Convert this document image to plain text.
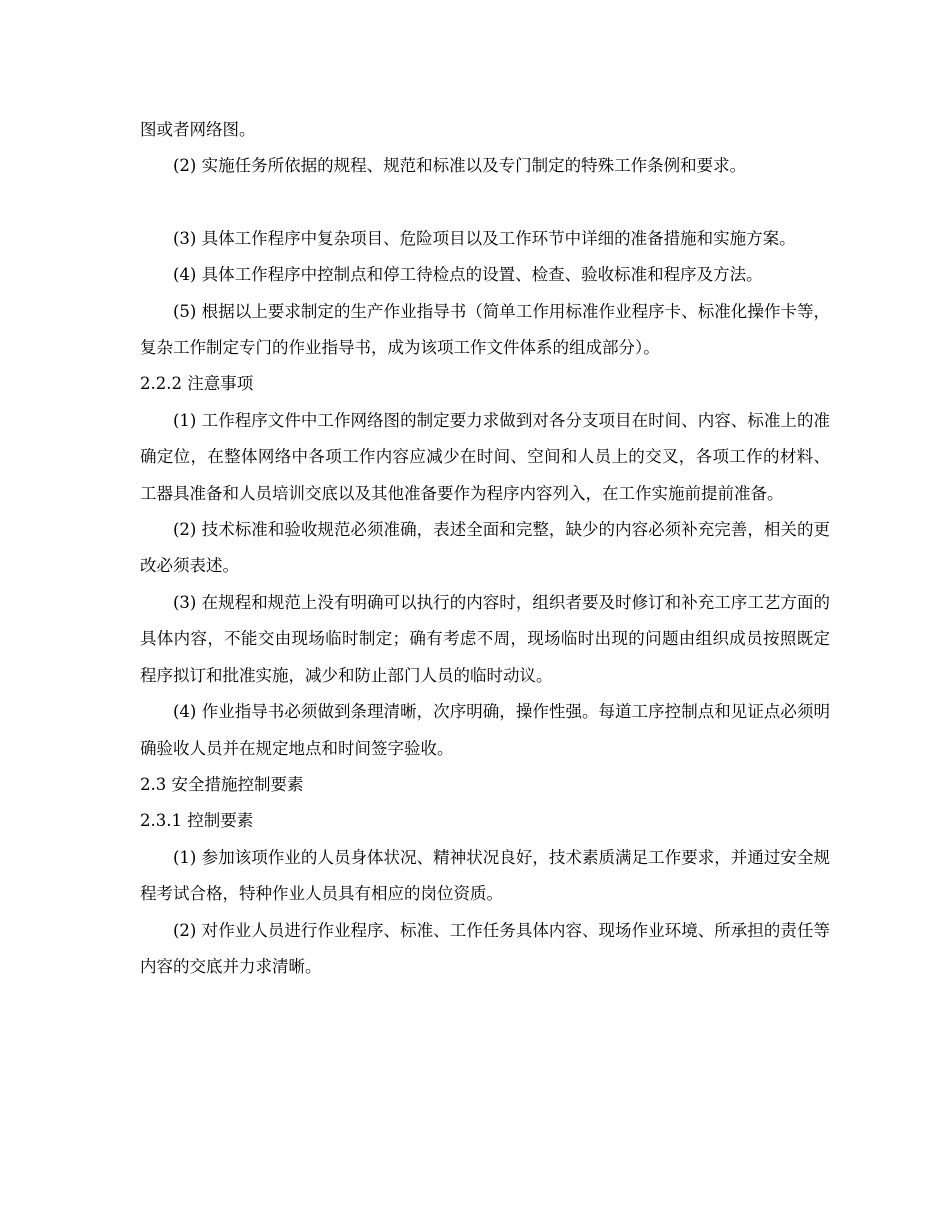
图或者网络图。

(2) 实施任务所依据的规程、规范和标准以及专门制定的特殊工作条例和要求。

(3) 具体工作程序中复杂项目、危险项目以及工作环节中详细的准备措施和实施方案。

(4) 具体工作程序中控制点和停工待检点的设置、检查、验收标准和程序及方法。

(5) 根据以上要求制定的生产作业指导书（简单工作用标准作业程序卡、标准化操作卡等，复杂工作制定专门的作业指导书，成为该项工作文件体系的组成部分）。

2.2.2 注意事项

(1) 工作程序文件中工作网络图的制定要力求做到对各分支项目在时间、内容、标准上的准确定位，在整体网络中各项工作内容应减少在时间、空间和人员上的交叉，各项工作的材料、工器具准备和人员培训交底以及其他准备要作为程序内容列入，在工作实施前提前准备。

(2) 技术标准和验收规范必须准确，表述全面和完整，缺少的内容必须补充完善，相关的更改必须表述。

(3) 在规程和规范上没有明确可以执行的内容时，组织者要及时修订和补充工序工艺方面的具体内容，不能交由现场临时制定；确有考虑不周，现场临时出现的问题由组织成员按照既定程序拟订和批准实施，减少和防止部门人员的临时动议。

(4) 作业指导书必须做到条理清晰，次序明确，操作性强。每道工序控制点和见证点必须明确验收人员并在规定地点和时间签字验收。

2.3 安全措施控制要素

2.3.1 控制要素

(1) 参加该项作业的人员身体状况、精神状况良好，技术素质满足工作要求，并通过安全规程考试合格，特种作业人员具有相应的岗位资质。

(2) 对作业人员进行作业程序、标准、工作任务具体内容、现场作业环境、所承担的责任等内容的交底并力求清晰。
